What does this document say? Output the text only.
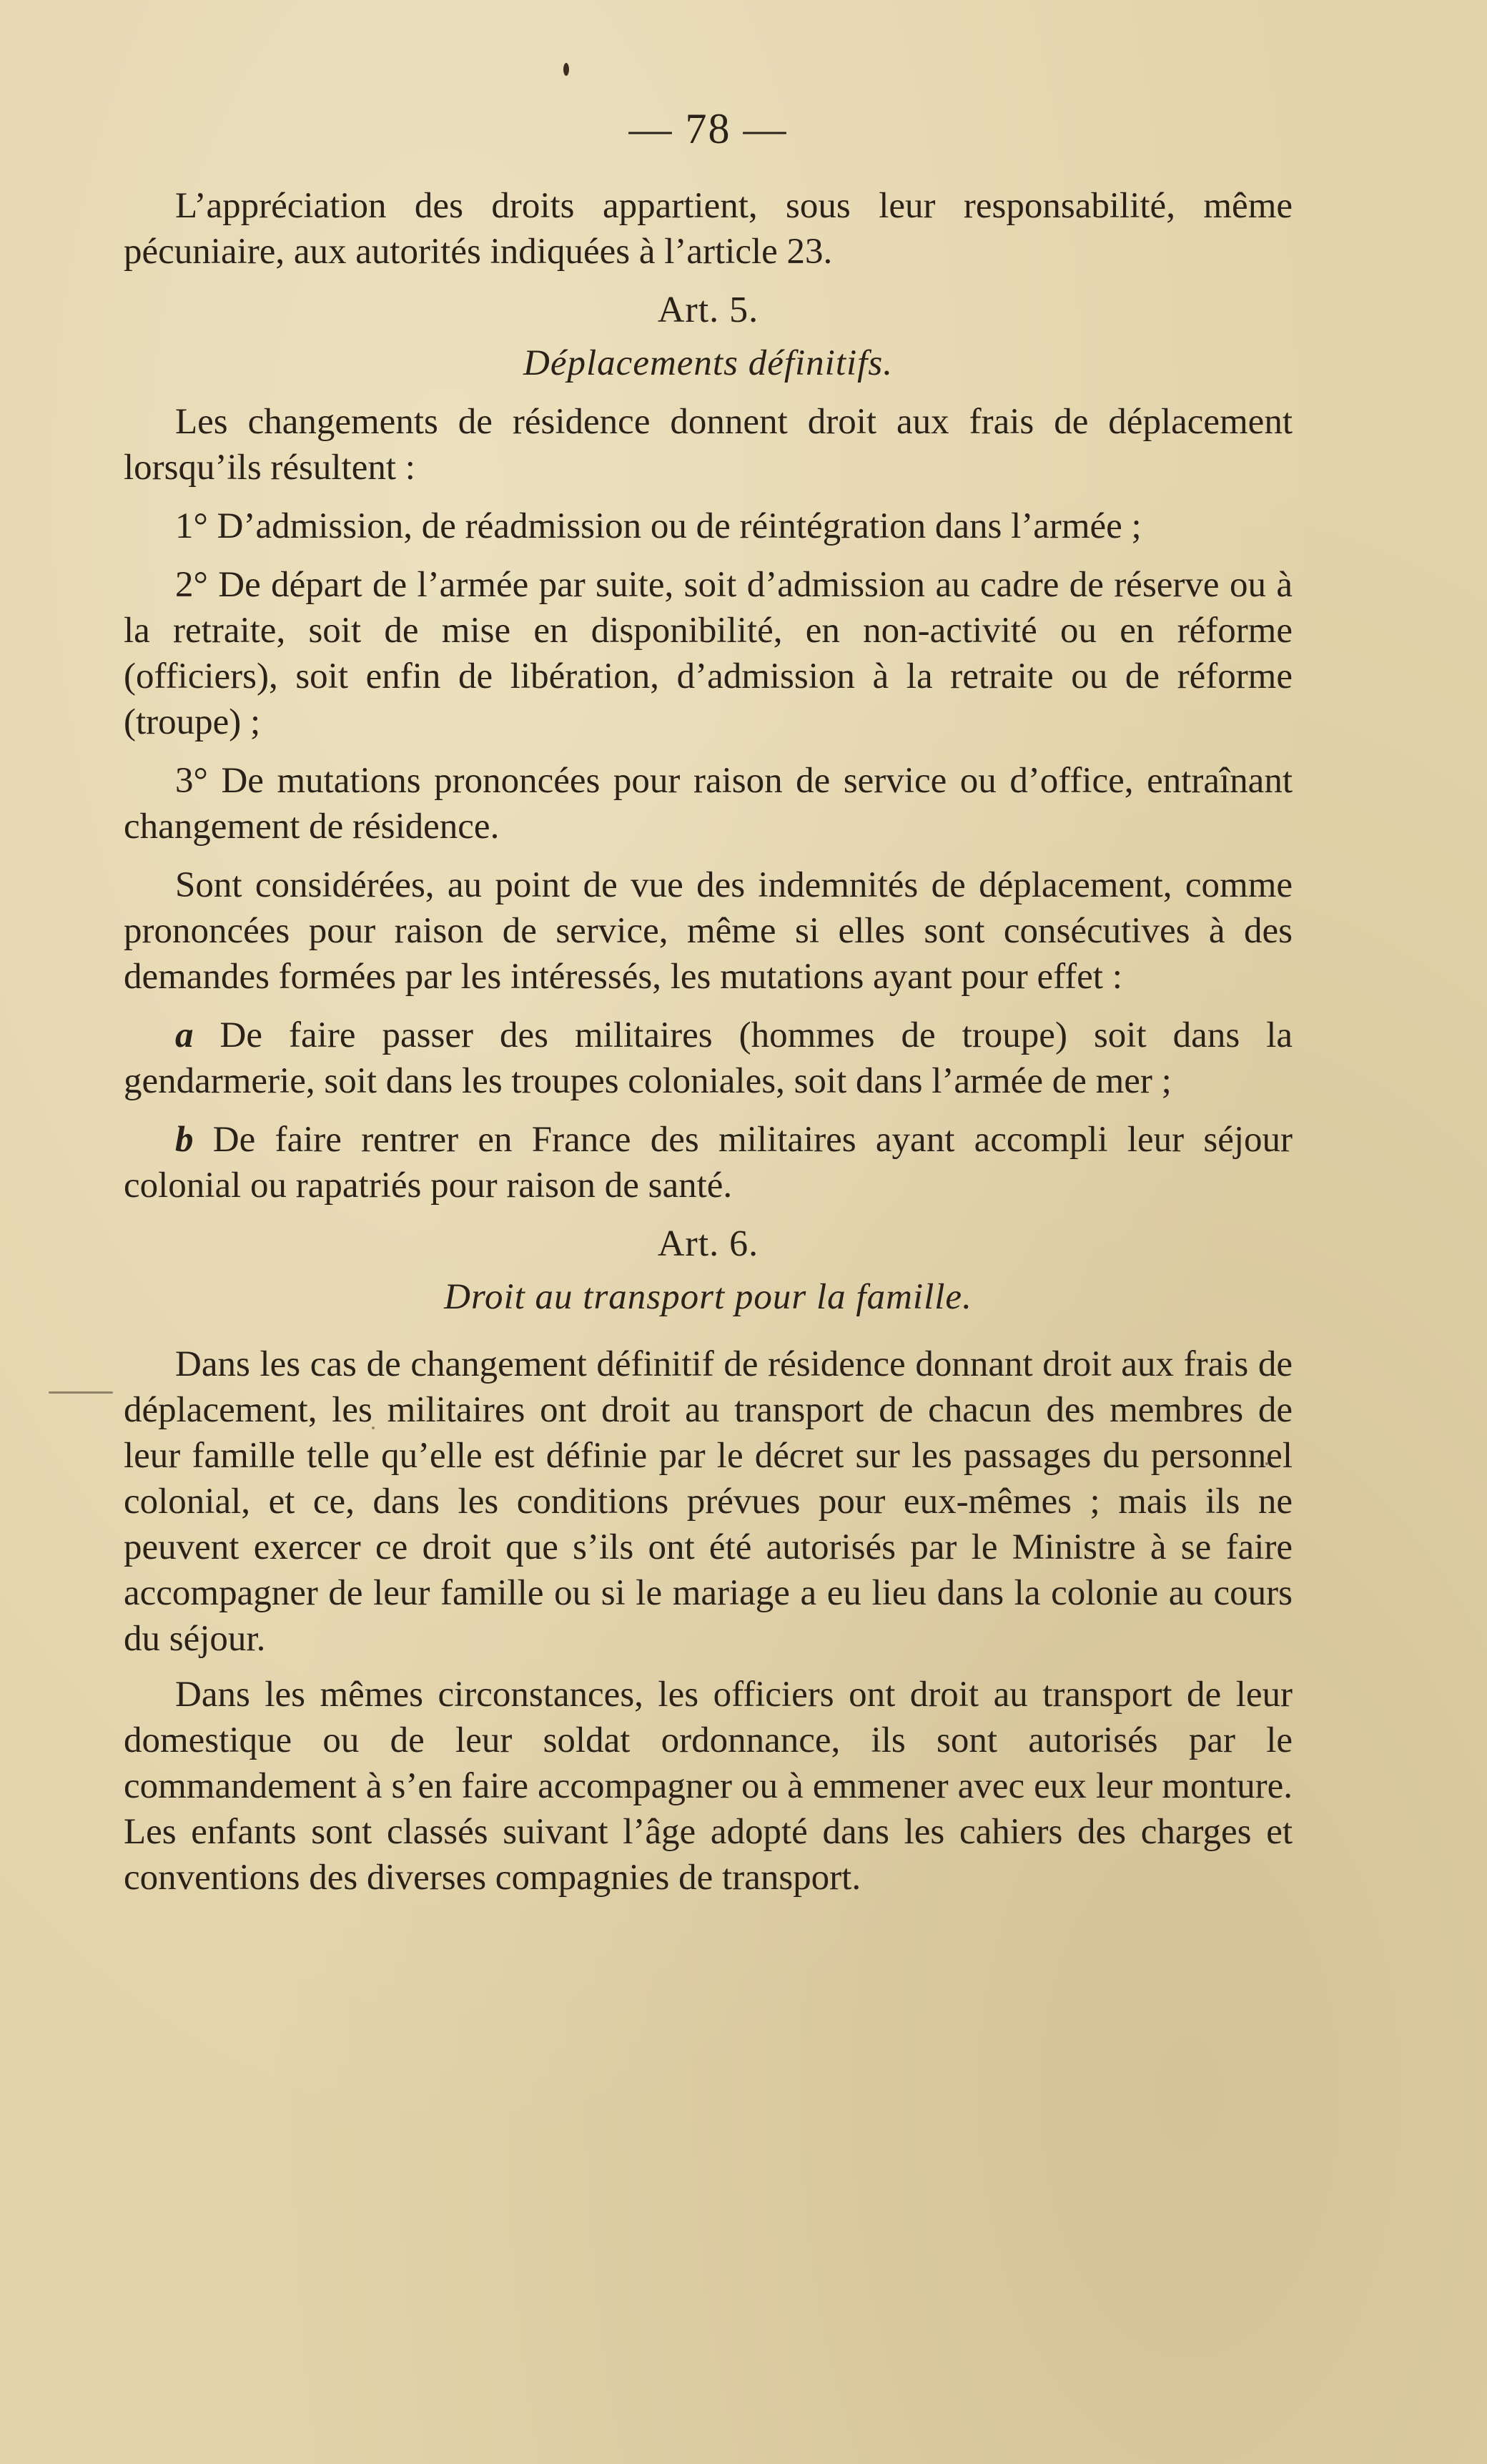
— 78 —

L’appréciation des droits appartient, sous leur responsabilité, même pécuniaire, aux autorités indiquées à l’article 23.

Art. 5.
Déplacements définitifs.

Les changements de résidence donnent droit aux frais de déplacement lorsqu’ils résultent :

1° D’admission, de réadmission ou de réintégration dans l’armée ;

2° De départ de l’armée par suite, soit d’admission au cadre de réserve ou à la retraite, soit de mise en disponibilité, en non-activité ou en réforme (officiers), soit enfin de libération, d’admission à la retraite ou de réforme (troupe) ;

3° De mutations prononcées pour raison de service ou d’office, entraînant changement de résidence.

Sont considérées, au point de vue des indemnités de déplacement, comme prononcées pour raison de service, même si elles sont consécutives à des demandes formées par les intéressés, les mutations ayant pour effet :

a De faire passer des militaires (hommes de troupe) soit dans la gendarmerie, soit dans les troupes coloniales, soit dans l’armée de mer ;

b De faire rentrer en France des militaires ayant accompli leur séjour colonial ou rapatriés pour raison de santé.

Art. 6.
Droit au transport pour la famille.

Dans les cas de changement définitif de résidence donnant droit aux frais de déplacement, les militaires ont droit au transport de chacun des membres de leur famille telle qu’elle est définie par le décret sur les passages du personnel colonial, et ce, dans les conditions prévues pour eux-mêmes ; mais ils ne peuvent exercer ce droit que s’ils ont été autorisés par le Ministre à se faire accompagner de leur famille ou si le mariage a eu lieu dans la colonie au cours du séjour.

Dans les mêmes circonstances, les officiers ont droit au transport de leur domestique ou de leur soldat ordonnance, ils sont autorisés par le commandement à s’en faire accompagner ou à emmener avec eux leur monture. Les enfants sont classés suivant l’âge adopté dans les cahiers des charges et conventions des diverses compagnies de transport.
